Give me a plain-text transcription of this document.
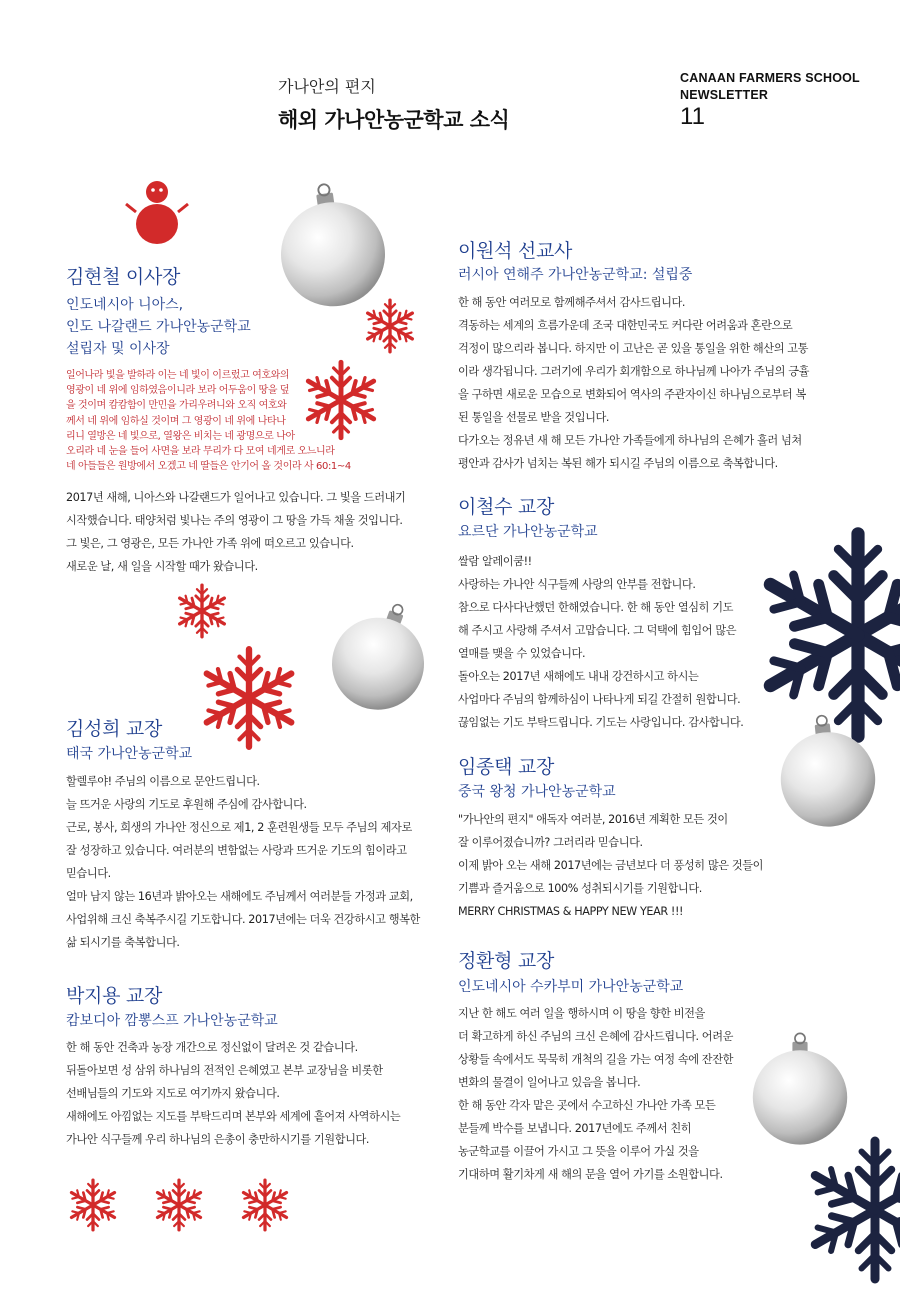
가나안의 편지
해외 가나안농군학교 소식
CANAAN FARMERS SCHOOL
NEWSLETTER
11
김현철 이사장
인도네시아 니아스,
인도 나갈랜드 가나안농군학교
설립자 및 이사장
일어나라 빛을 발하라 이는 네 빛이 이르렀고 여호와의
영광이 네 위에 임하였음이니라 보라 어두움이 땅을 덮
을 것이며 캄캄함이 만민을 가리우려니와 오직 여호와
께서 네 위에 임하실 것이며 그 영광이 네 위에 나타나
리니 열방은 네 빛으로, 열왕은 비치는 네 광명으로 나아
오리라 네 눈을 들어 사면을 보라 무리가 다 모여 네게로 오느니라
네 아들들은 원방에서 오겠고 네 딸들은 안기어 올 것이라 사 60:1~4
2017년 새해, 니아스와 나갈랜드가 일어나고 있습니다. 그 빛을 드러내기
시작했습니다. 태양처럼 빛나는 주의 영광이 그 땅을 가득 채울 것입니다.
그 빛은, 그 영광은, 모든 가나안 가족 위에 떠오르고 있습니다.
새로운 날, 새 일을 시작할 때가 왔습니다.
김성희 교장
태국 가나안농군학교
할렐루야! 주님의 이름으로 문안드립니다.
늘 뜨거운 사랑의 기도로 후원해 주심에 감사합니다.
근로, 봉사, 희생의 가나안 정신으로 제1, 2 훈련원생들 모두 주님의 제자로
잘 성장하고 있습니다. 여러분의 변함없는 사랑과 뜨거운 기도의 힘이라고
믿습니다.
얼마 남지 않는 16년과 밝아오는 새해에도 주님께서 여러분들 가정과 교회,
사업위해 크신 축복주시길 기도합니다. 2017년에는 더욱 건강하시고 행복한
삶 되시기를 축복합니다.
박지용 교장
캄보디아 깜뽕스프 가나안농군학교
한 해 동안 건축과 농장 개간으로 정신없이 달려온 것 같습니다.
뒤돌아보면 성 삼위 하나님의 전적인 은혜였고 본부 교장님을 비롯한
선배님들의 기도와 지도로 여기까지 왔습니다.
새해에도 아낌없는 지도를 부탁드리며 본부와 세계에 흩어져 사역하시는
가나안 식구들께 우리 하나님의 은총이 충만하시기를 기원합니다.
이원석 선교사
러시아 연해주 가나안농군학교: 설립중
한 해 동안 여러모로 함께해주셔서 감사드립니다.
격동하는 세계의 흐름가운데 조국 대한민국도 커다란 어려움과 혼란으로
걱정이 많으리라 봅니다. 하지만 이 고난은 곧 있을 통일을 위한 해산의 고통
이라 생각됩니다. 그러기에 우리가 회개함으로 하나님께 나아가 주님의 긍휼
을 구하면 새로운 모습으로 변화되어 역사의 주관자이신 하나님으로부터 복
된 통일을 선물로 받을 것입니다.
다가오는 정유년 새 해 모든 가나안 가족들에게 하나님의 은혜가 흘러 넘쳐
평안과 감사가 넘치는 복된 해가 되시길 주님의 이름으로 축복합니다.
이철수 교장
요르단 가나안농군학교
쌀람 알레이쿰!!
사랑하는 가나안 식구들께 사랑의 안부를 전합니다.
참으로 다사다난했던 한해였습니다. 한 해 동안 열심히 기도
해 주시고 사랑해 주셔서 고맙습니다. 그 덕택에 힘입어 많은
열매를 맺을 수 있었습니다.
돌아오는 2017년 새해에도 내내 강건하시고 하시는
사업마다 주님의 함께하심이 나타나게 되길 간절히 원합니다.
끊임없는 기도 부탁드립니다. 기도는 사랑입니다. 감사합니다.
임종택 교장
중국 왕청 가나안농군학교
"가나안의 편지" 애독자 여러분, 2016년 계획한 모든 것이
잘 이루어졌습니까? 그러리라 믿습니다.
이제 밝아 오는 새해 2017년에는 금년보다 더 풍성히 많은 것들이
기쁨과 즐거움으로 100% 성취되시기를 기원합니다.
MERRY CHRISTMAS & HAPPY NEW YEAR !!!
정환형 교장
인도네시아 수카부미 가나안농군학교
지난 한 해도 여러 일을 행하시며 이 땅을 향한 비전을
더 확고하게 하신 주님의 크신 은혜에 감사드립니다. 어려운
상황들 속에서도 묵묵히 개척의 길을 가는 여정 속에 잔잔한
변화의 물결이 일어나고 있음을 봅니다.
한 해 동안 각자 맡은 곳에서 수고하신 가나안 가족 모든
분들께 박수를 보냅니다. 2017년에도 주께서 친히
농군학교를 이끌어 가시고 그 뜻을 이루어 가실 것을
기대하며 활기차게 새 해의 문을 열어 가기를 소원합니다.
